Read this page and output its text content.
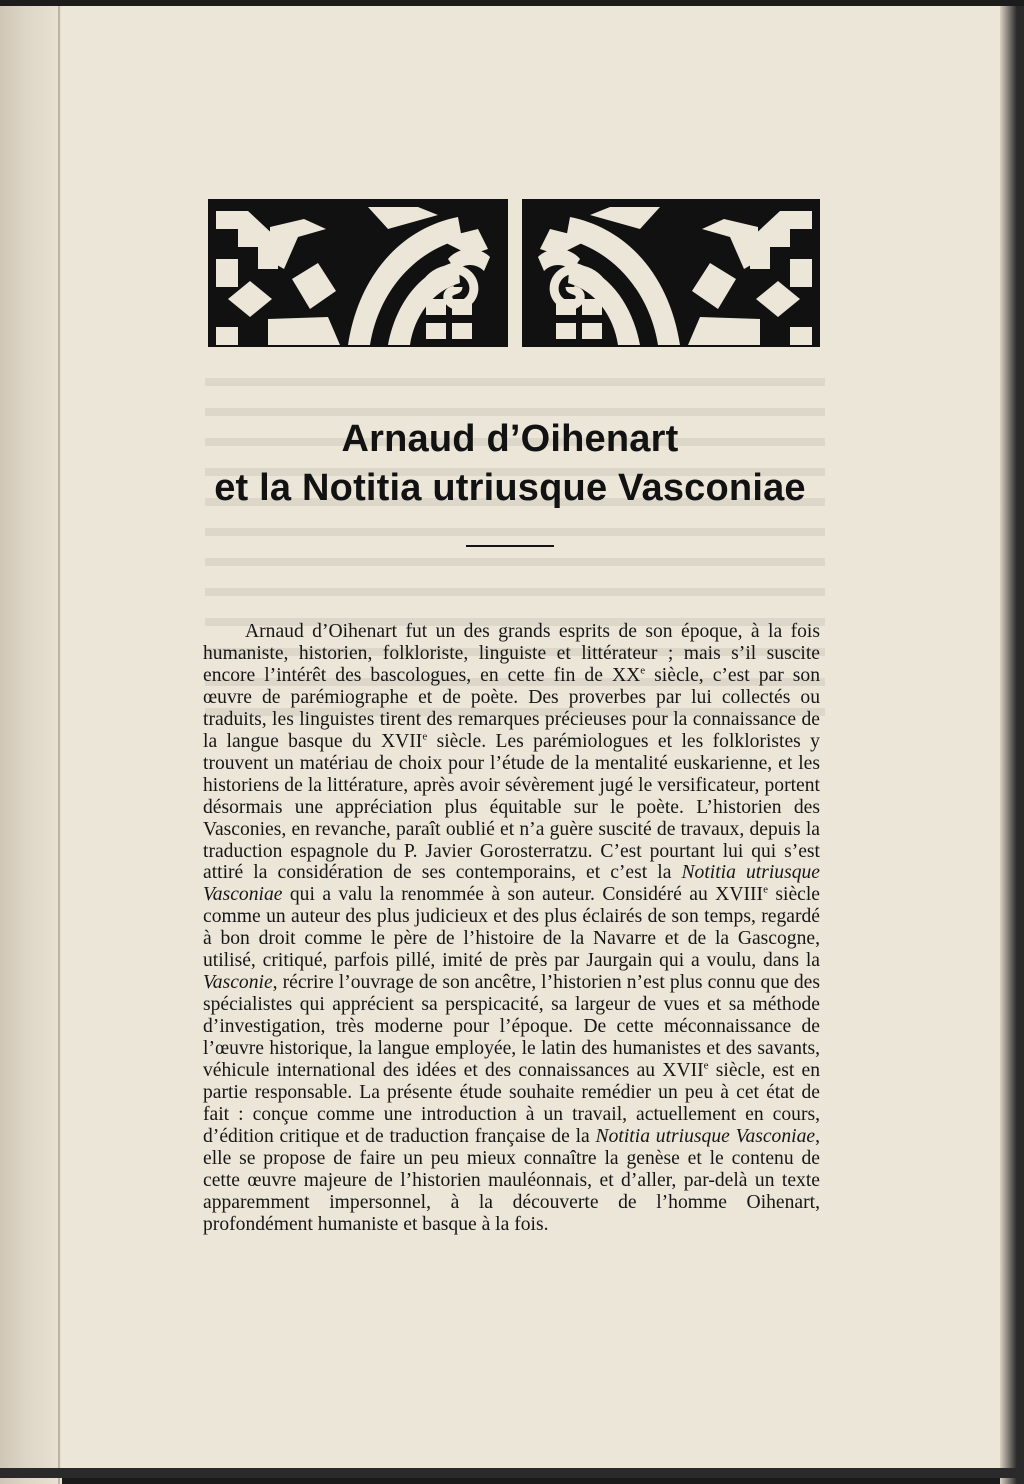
Arnaud d’Oihenart
et la Notitia utriusque Vasconiae

Arnaud d’Oihenart fut un des grands esprits de son époque, à la fois humaniste, historien, folkloriste, linguiste et littérateur ; mais s’il suscite encore l’intérêt des bascologues, en cette fin de XXe siècle, c’est par son œuvre de parémiographe et de poète. Des proverbes par lui collectés ou traduits, les linguistes tirent des remarques précieuses pour la connaissance de la langue basque du XVIIe siècle. Les parémiologues et les folkloristes y trouvent un matériau de choix pour l’étude de la mentalité euskarienne, et les historiens de la littérature, après avoir sévèrement jugé le versificateur, portent désormais une appréciation plus équitable sur le poète. L’historien des Vasconies, en revanche, paraît oublié et n’a guère suscité de travaux, depuis la traduction espagnole du P. Javier Gorosterratzu. C’est pourtant lui qui s’est attiré la considération de ses contemporains, et c’est la Notitia utriusque Vasconiae qui a valu la renommée à son auteur. Considéré au XVIIIe siècle comme un auteur des plus judicieux et des plus éclairés de son temps, regardé à bon droit comme le père de l’histoire de la Navarre et de la Gascogne, utilisé, critiqué, parfois pillé, imité de près par Jaurgain qui a voulu, dans la Vasconie, récrire l’ouvrage de son ancêtre, l’historien n’est plus connu que des spécialistes qui apprécient sa perspicacité, sa largeur de vues et sa méthode d’investigation, très moderne pour l’époque. De cette méconnaissance de l’œuvre historique, la langue employée, le latin des humanistes et des savants, véhicule international des idées et des connaissances au XVIIe siècle, est en partie responsable. La présente étude souhaite remédier un peu à cet état de fait : conçue comme une introduction à un travail, actuellement en cours, d’édition critique et de traduction française de la Notitia utriusque Vasconiae, elle se propose de faire un peu mieux connaître la genèse et le contenu de cette œuvre majeure de l’historien mauléonnais, et d’aller, par-delà un texte apparemment impersonnel, à la découverte de l’homme Oihenart, profondément humaniste et basque à la fois.
